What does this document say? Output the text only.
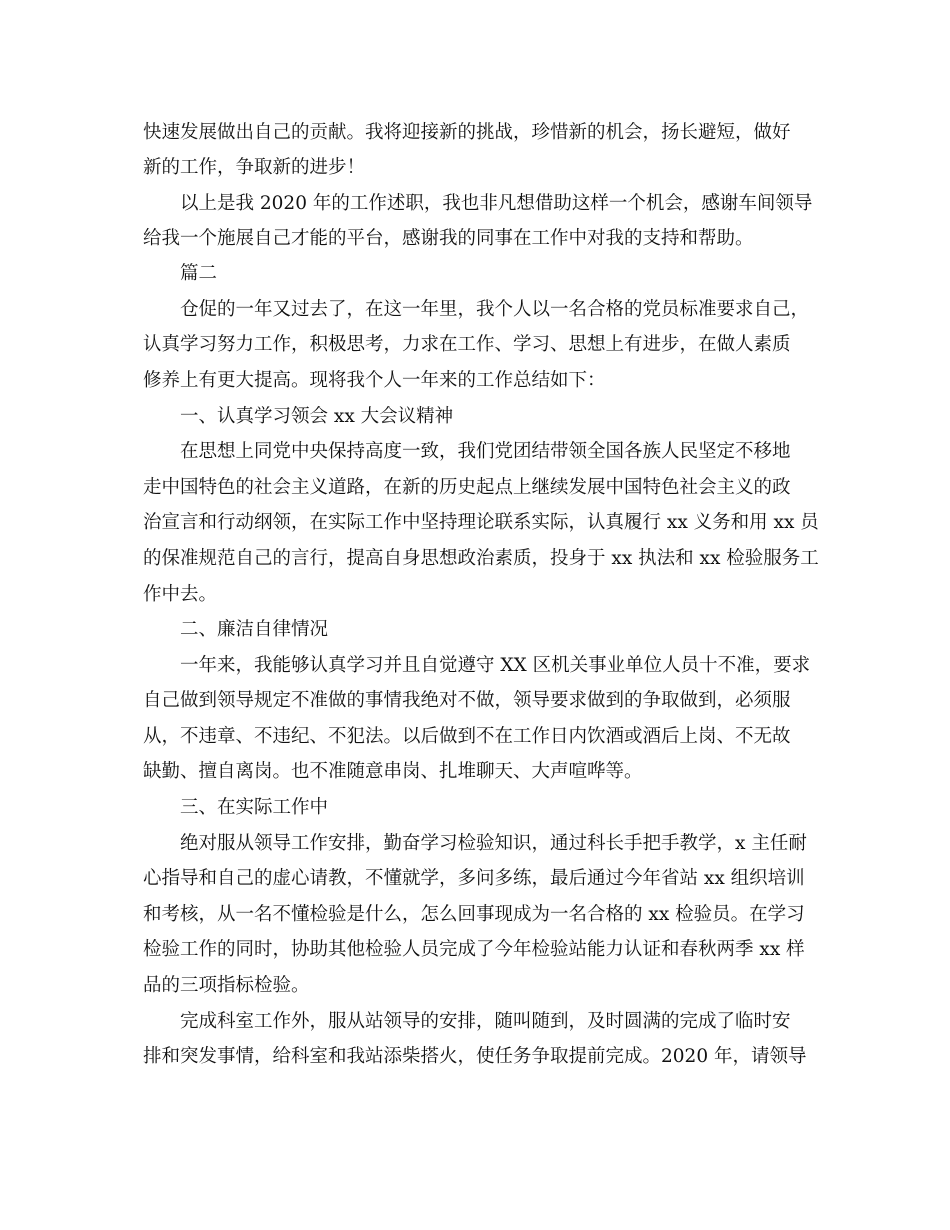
快速发展做出自己的贡献。我将迎接新的挑战，珍惜新的机会，扬长避短，做好
新的工作，争取新的进步！
以上是我 2020 年的工作述职，我也非凡想借助这样一个机会，感谢车间领导
给我一个施展自己才能的平台，感谢我的同事在工作中对我的支持和帮助。
篇二
仓促的一年又过去了，在这一年里，我个人以一名合格的党员标准要求自己，
认真学习努力工作，积极思考，力求在工作、学习、思想上有进步，在做人素质
修养上有更大提高。现将我个人一年来的工作总结如下：
一、认真学习领会 xx 大会议精神
在思想上同党中央保持高度一致，我们党团结带领全国各族人民坚定不移地
走中国特色的社会主义道路，在新的历史起点上继续发展中国特色社会主义的政
治宣言和行动纲领，在实际工作中坚持理论联系实际，认真履行 xx 义务和用 xx 员
的保准规范自己的言行，提高自身思想政治素质，投身于 xx 执法和 xx 检验服务工
作中去。
二、廉洁自律情况
一年来，我能够认真学习并且自觉遵守 XX 区机关事业单位人员十不准，要求
自己做到领导规定不准做的事情我绝对不做，领导要求做到的争取做到，必须服
从，不违章、不违纪、不犯法。以后做到不在工作日内饮酒或酒后上岗、不无故
缺勤、擅自离岗。也不准随意串岗、扎堆聊天、大声喧哗等。
三、在实际工作中
绝对服从领导工作安排，勤奋学习检验知识，通过科长手把手教学，x 主任耐
心指导和自己的虚心请教，不懂就学，多问多练，最后通过今年省站 xx 组织培训
和考核，从一名不懂检验是什么，怎么回事现成为一名合格的 xx 检验员。在学习
检验工作的同时，协助其他检验人员完成了今年检验站能力认证和春秋两季 xx 样
品的三项指标检验。
完成科室工作外，服从站领导的安排，随叫随到，及时圆满的完成了临时安
排和突发事情，给科室和我站添柴搭火，使任务争取提前完成。2020 年，请领导
